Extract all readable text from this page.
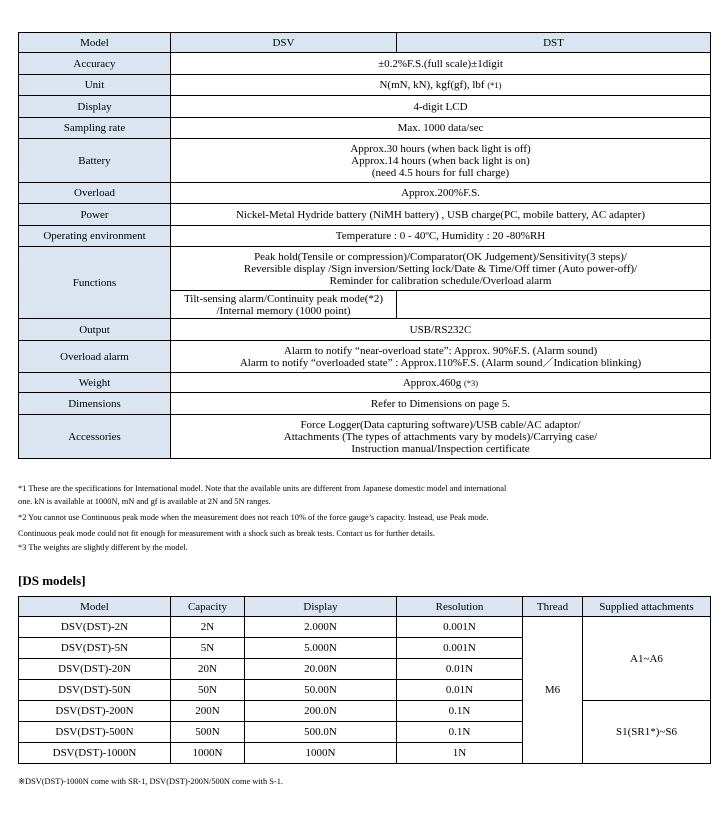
Model	DSV	DST
Accuracy	±0.2%F.S.(full scale)±1digit	
Unit	N(mN, kN), kgf(gf), lbf (*1)	
Display	4-digit LCD	
Sampling rate	Max. 1000 data/sec	
Battery	Approx.30 hours (when back light is off)
Approx.14 hours (when back light is on)
(need 4.5 hours for full charge)	

Overload	Approx.200%F.S.	
Power	Nickel-Metal Hydride battery (NiMH battery) , USB charge(PC, mobile battery, AC adapter)	
Operating environment	Temperature : 0 - 40ºC, Humidity : 20 -80%RH	
Functions	Peak hold(Tensile or compression)/Comparator(OK Judgement)/Sensitivity(3 steps)/
Reversible display /Sign inversion/Setting lock/Date & Time/Off timer (Auto power-off)/
Reminder for calibration schedule/Overload alarm	

	Tilt-sensing alarm/Continuity peak mode(*2)
/Internal memory (1000 point)	

Output	USB/RS232C	
Overload alarm	Alarm to notify “near-overload state”: Approx. 90%F.S. (Alarm sound)
Alarm to notify “overloaded state” : Approx.110%F.S. (Alarm sound／Indication blinking)	

Weight	Approx.460g (*3)	
Dimensions	Refer to Dimensions on page 5.	
Accessories	Force Logger(Data capturing software)/USB cable/AC adaptor/
Attachments (The types of attachments vary by models)/Carrying case/
Instruction manual/Inspection certificate	
*1 These are the specifications for International model. Note that the available units are different from Japanese domestic model and international
one. kN is available at 1000N, mN and gf is available at 2N and 5N ranges.
*2 You cannot use Continuous peak mode when the measurement does not reach 10% of the force gauge’s capacity. Instead, use Peak mode.
Continuous peak mode could not fit enough for measurement with a shock such as break tests. Contact us for further details.
*3 The weights are slightly different by the model.
[DS models]
Model	Capacity	Display	Resolution	Thread	Supplied attachments
DSV(DST)-2N	2N	2.000N	0.001N	M6	A1~A6
DSV(DST)-5N	5N	5.000N	0.001N		
DSV(DST)-20N	20N	20.00N	0.01N		
DSV(DST)-50N	50N	50.00N	0.01N		
DSV(DST)-200N	200N	200.0N	0.1N		S1(SR1*)~S6
DSV(DST)-500N	500N	500.0N	0.1N		
DSV(DST)-1000N	1000N	1000N	1N		
※DSV(DST)-1000N come with SR-1, DSV(DST)-200N/500N come with S-1.
